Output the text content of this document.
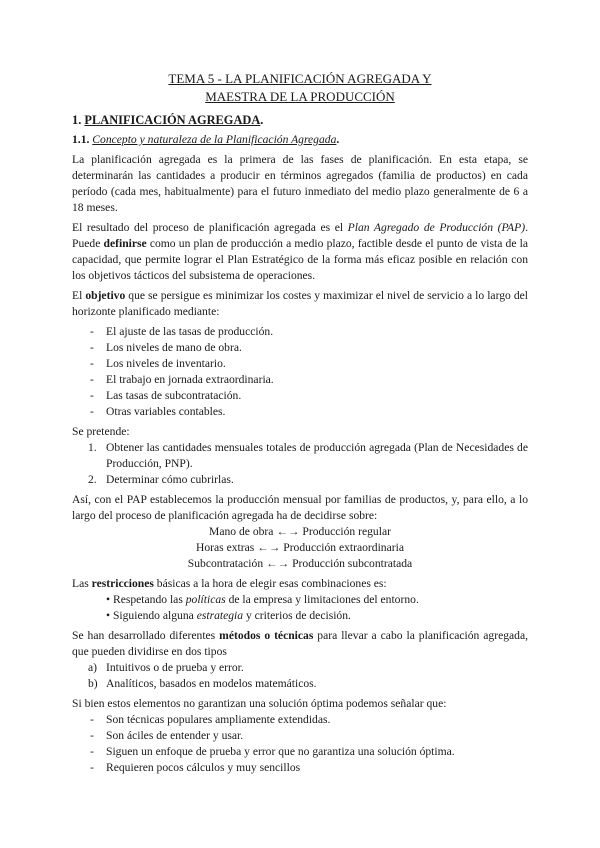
TEMA 5 - LA PLANIFICACIÓN AGREGADA Y
MAESTRA DE LA PRODUCCIÓN
1. PLANIFICACIÓN AGREGADA.
1.1. Concepto y naturaleza de la Planificación Agregada.

La planificación agregada es la primera de las fases de planificación. En esta etapa, se determinarán las cantidades a producir en términos agregados (familia de productos) en cada período (cada mes, habitualmente) para el futuro inmediato del medio plazo generalmente de 6 a 18 meses.

El resultado del proceso de planificación agregada es el Plan Agregado de Producción (PAP). Puede definirse como un plan de producción a medio plazo, factible desde el punto de vista de la capacidad, que permite lograr el Plan Estratégico de la forma más eficaz posible en relación con los objetivos tácticos del subsistema de operaciones.

El objetivo que se persigue es minimizar los costes y maximizar el nivel de servicio a lo largo del horizonte planificado mediante:

- El ajuste de las tasas de producción.
- Los niveles de mano de obra.
- Los niveles de inventario.
- El trabajo en jornada extraordinaria.
- Las tasas de subcontratación.
- Otras variables contables.

Se pretende:

1. Obtener las cantidades mensuales totales de producción agregada (Plan de Necesidades de Producción, PNP).
2. Determinar cómo cubrirlas.

Así, con el PAP establecemos la producción mensual por familias de productos, y, para ello, a lo largo del proceso de planificación agregada ha de decidirse sobre:

Mano de obra ←→ Producción regular

Horas extras ←→ Producción extraordinaria

Subcontratación ←→ Producción subcontratada

Las restricciones básicas a la hora de elegir esas combinaciones es:

• Respetando las políticas de la empresa y limitaciones del entorno.

• Siguiendo alguna estrategia y criterios de decisión.

Se han desarrollado diferentes métodos o técnicas para llevar a cabo la planificación agregada, que pueden dividirse en dos tipos

a) Intuitivos o de prueba y error.
b) Analíticos, basados en modelos matemáticos.

Si bien estos elementos no garantizan una solución óptima podemos señalar que:

- Son técnicas populares ampliamente extendidas.
- Son áciles de entender y usar.
- Siguen un enfoque de prueba y error que no garantiza una solución óptima.
- Requieren pocos cálculos y muy sencillos
